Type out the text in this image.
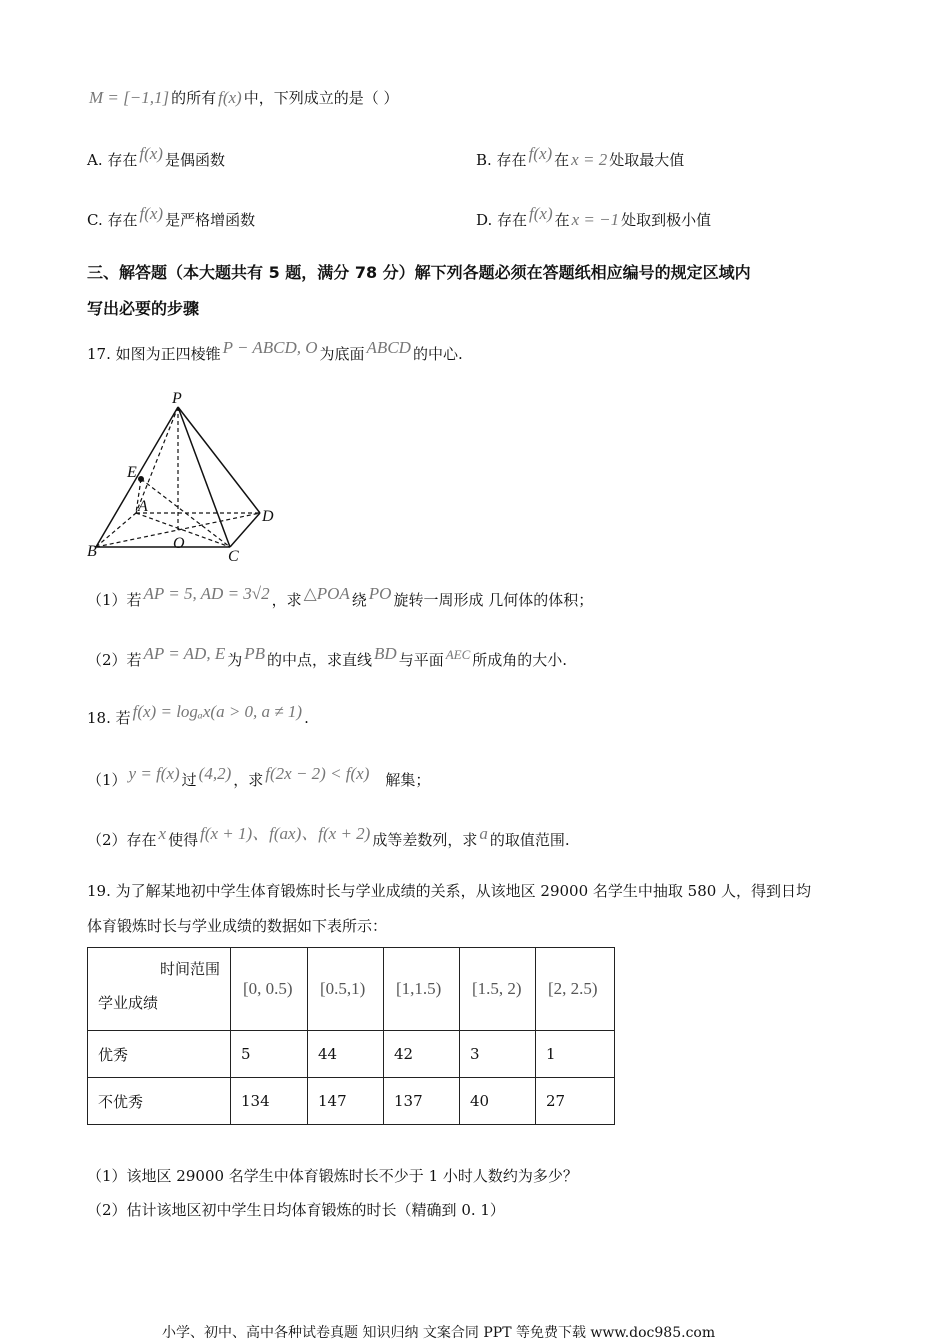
M = [−1,1] 的所有 f(x) 中，下列成立的是（ ）
A. 存在 f(x) 是偶函数	B. 存在 f(x) 在 x = 2 处取最大值
C. 存在 f(x) 是严格增函数	D. 存在 f(x) 在 x = −1 处取到极小值
三、解答题（本大题共有 5 题，满分 78 分）解下列各题必须在答题纸相应编号的规定区域内
写出必要的步骤
17. 如图为正四棱锥 P − ABCD, O 为底面 ABCD 的中心.
P
E
A
D
O
B	C
（1）若 AP = 5, AD = 3√2 ，求 △POA 绕 PO 旋转一周形成 几何体的体积；
（2）若 AP = AD, E 为 PB 的中点，求直线 BD 与平面 AEC 所成角的大小.
18. 若 f(x) = logₐx(a > 0, a ≠ 1) .
（1） y = f(x) 过 (4,2) ，求 f(2x − 2) < f(x) 解集；
（2）存在 x 使得 f(x + 1)、f(ax)、f(x + 2) 成等差数列，求 a 的取值范围.
19. 为了解某地初中学生体育锻炼时长与学业成绩的关系，从该地区 29000 名学生中抽取 580 人，得到日均
体育锻炼时长与学业成绩的数据如下表所示：
时间范围
学业成绩	[0, 0.5)	[0.5,1)	[1,1.5)	[1.5, 2)	[2, 2.5)
优秀	5	44	42	3	1
不优秀	134	147	137	40	27
（1）该地区 29000 名学生中体育锻炼时长不少于 1 小时人数约为多少？
（2）估计该地区初中学生日均体育锻炼的时长（精确到 0. 1）
小学、初中、高中各种试卷真题 知识归纳 文案合同 PPT 等免费下载 www.doc985.com
